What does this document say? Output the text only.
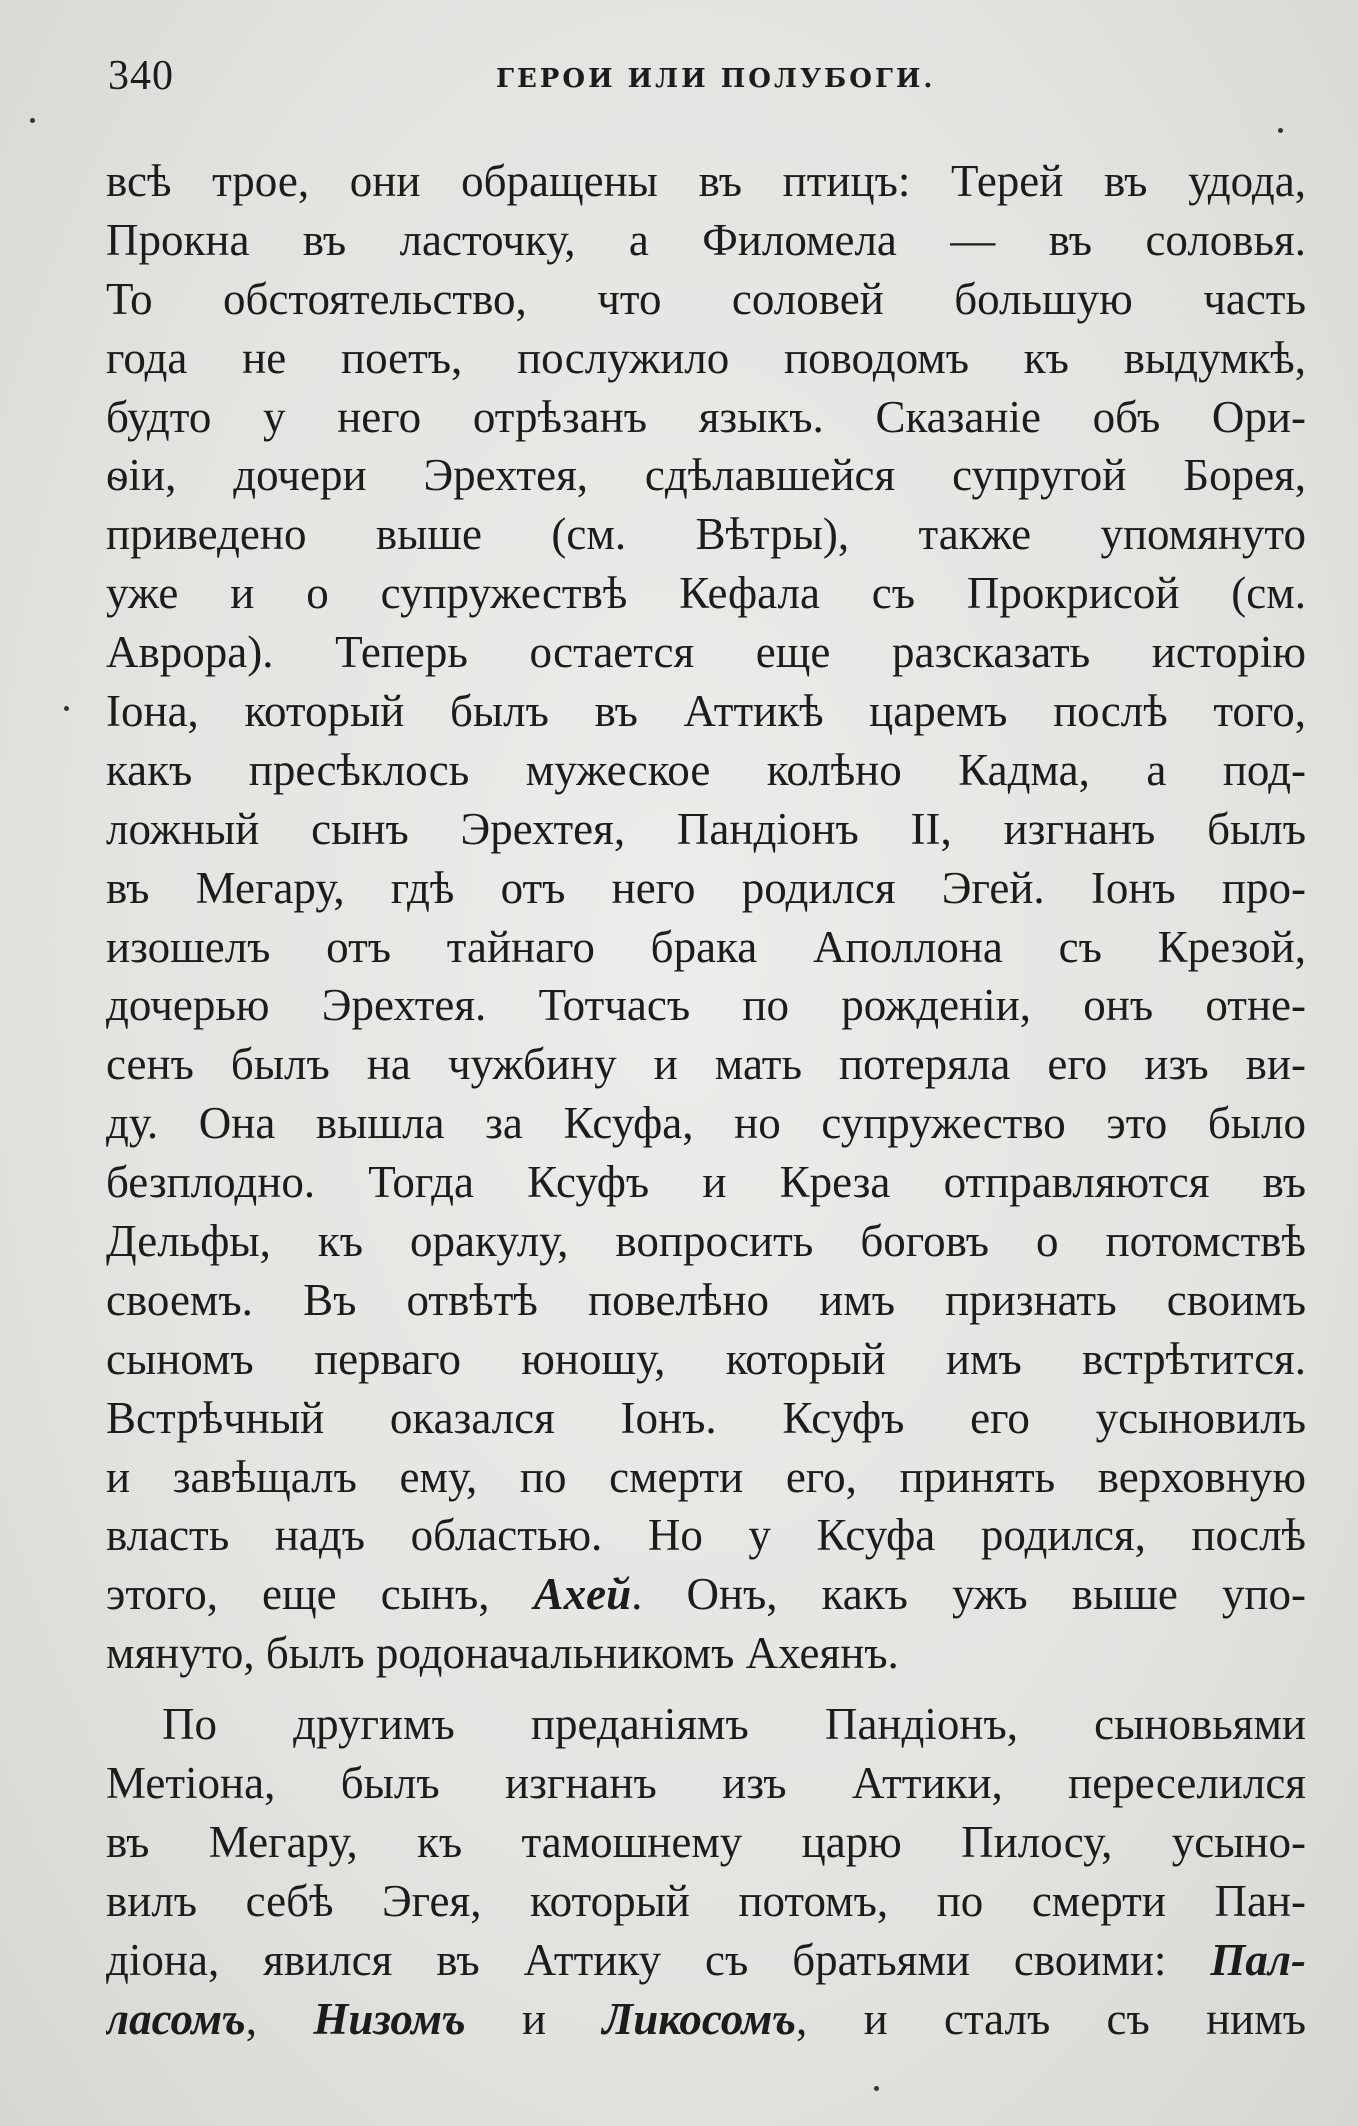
340	ГЕРОИ ИЛИ ПОЛУБОГИ.
всѣ трое, они обращены въ птицъ: Терей въ удода,
Прокна въ ласточку, а Филомела — въ соловья.
То обстоятельство, что соловей большую часть
года не поетъ, послужило поводомъ къ выдумкѣ,
будто у него отрѣзанъ языкъ. Сказаніе объ Ори-
ѳіи, дочери Эрехтея, сдѣлавшейся супругой Борея,
приведено выше (см. Вѣтры), также упомянуто
уже и о супружествѣ Кефала съ Прокрисой (см.
Аврора). Теперь остается еще разсказать исторію
Іона, который былъ въ Аттикѣ царемъ послѣ того,
какъ пресѣклось мужеское колѣно Кадма, а под-
ложный сынъ Эрехтея, Пандіонъ II, изгнанъ былъ
въ Мегару, гдѣ отъ него родился Эгей. Іонъ про-
изошелъ отъ тайнаго брака Аполлона съ Крезой,
дочерью Эрехтея. Тотчасъ по рожденіи, онъ отне-
сенъ былъ на чужбину и мать потеряла его изъ ви-
ду. Она вышла за Ксуфа, но супружество это было
безплодно. Тогда Ксуфъ и Креза отправляются въ
Дельфы, къ оракулу, вопросить боговъ о потомствѣ
своемъ. Въ отвѣтѣ повелѣно имъ признать своимъ
сыномъ перваго юношу, который имъ встрѣтится.
Встрѣчный оказался Іонъ. Ксуфъ его усыновилъ
и завѣщалъ ему, по смерти его, принять верховную
власть надъ областью. Но у Ксуфа родился, послѣ
этого, еще сынъ, Ахей. Онъ, какъ ужъ выше упо-
мянуто, былъ родоначальникомъ Ахеянъ.
По другимъ преданіямъ Пандіонъ, сыновьями
Метіона, былъ изгнанъ изъ Аттики, переселился
въ Мегару, къ тамошнему царю Пилосу, усыно-
вилъ себѣ Эгея, который потомъ, по смерти Пан-
діона, явился въ Аттику съ братьями своими: Пал-
ласомъ, Низомъ и Ликосомъ, и сталъ съ нимъ
